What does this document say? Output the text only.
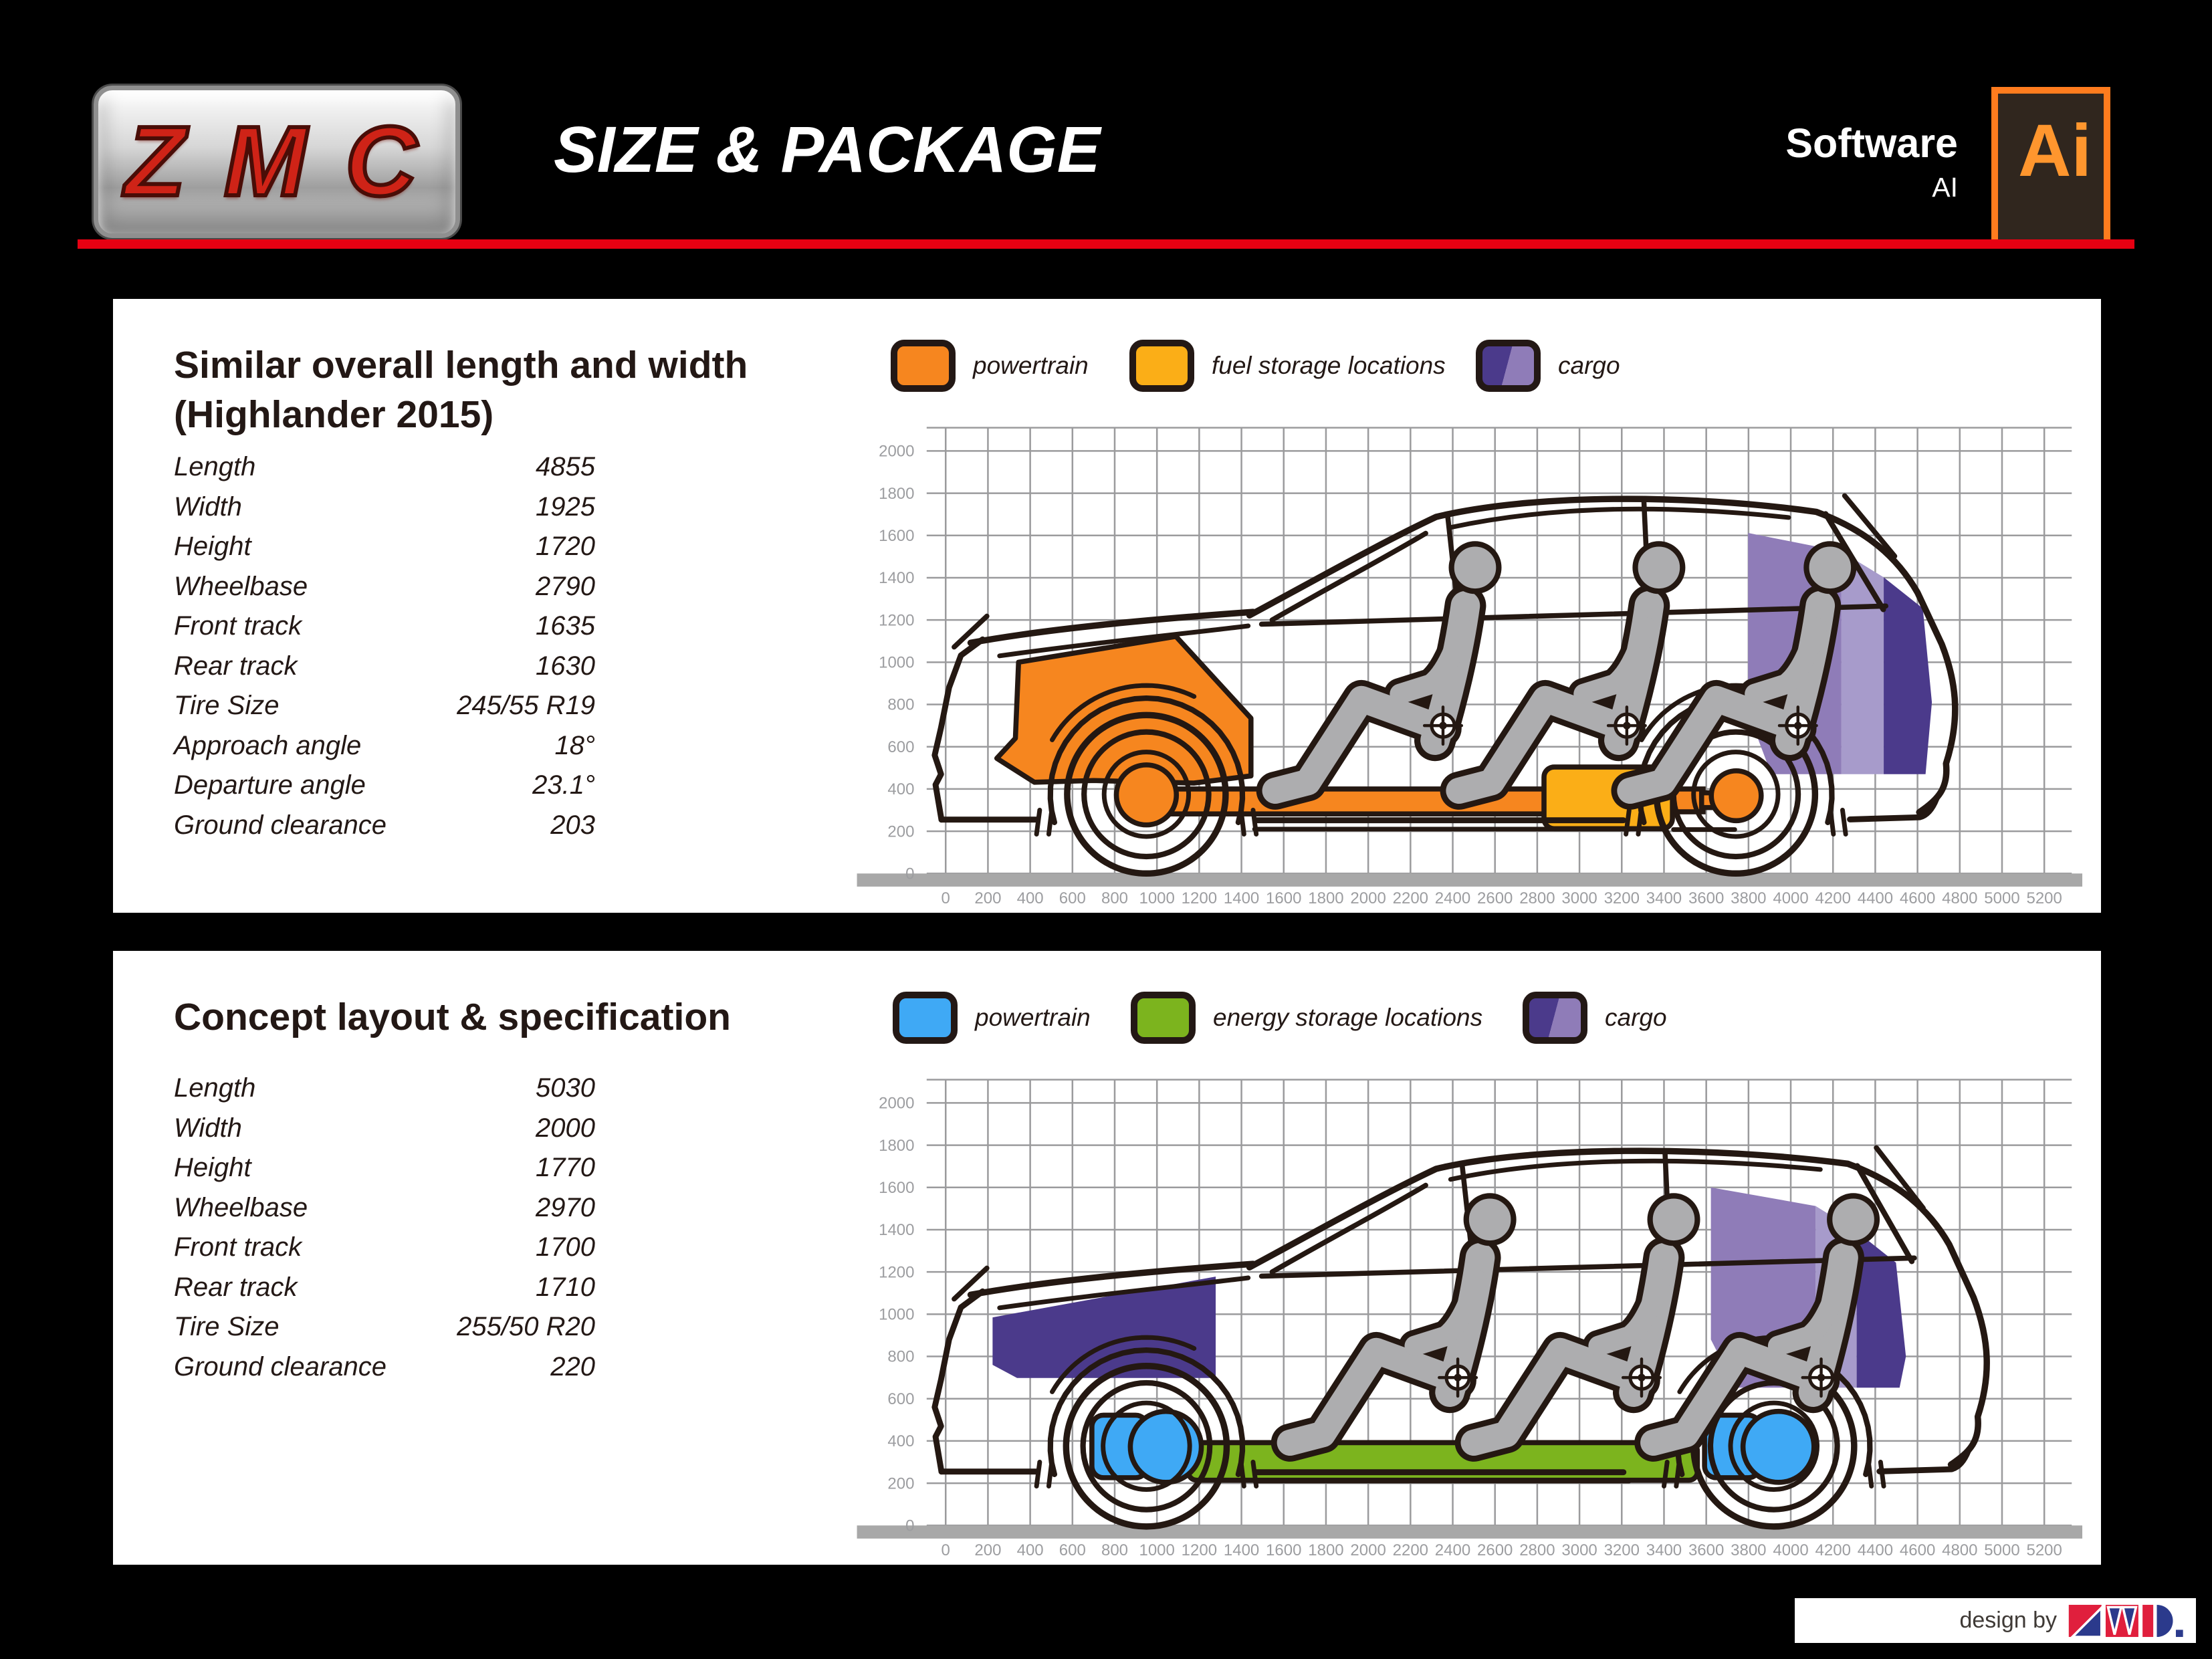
ZMC SIZE & PACKAGE	Software
AI Ai
Similar overall length and width
(Highlander 2015)
powertrain	fuel storage locations	cargo
Length	4855
Width	1925
Height	1720
Wheelbase	2790
Front track	1635
Rear track	1630
Tire Size	245/55 R19
Approach angle	18°
Departure angle	23.1°
Ground clearance	203
0 200 400 600 800 1000 1200 1400 1600 1800 2000 2200 2400 2600 2800 3000 3200 3400 3600 3800 4000 4200 4400 4600 4800 5000 5200
0
200
400
600
800
1000
1200
1400
1600
1800
2000
Concept layout & specification	powertrain	energy storage locations	cargo
Length	5030
Width	2000
Height	1770
Wheelbase	2970
Front track	1700
Rear track	1710
Tire Size	255/50 R20
Ground clearance	220
0 200 400 600 800 1000 1200 1400 1600 1800 2000 2200 2400 2600 2800 3000 3200 3400 3600 3800 4000 4200 4400 4600 4800 5000 5200
0
200
400
600
800
1000
1200
1400
1600
1800
2000
design by
